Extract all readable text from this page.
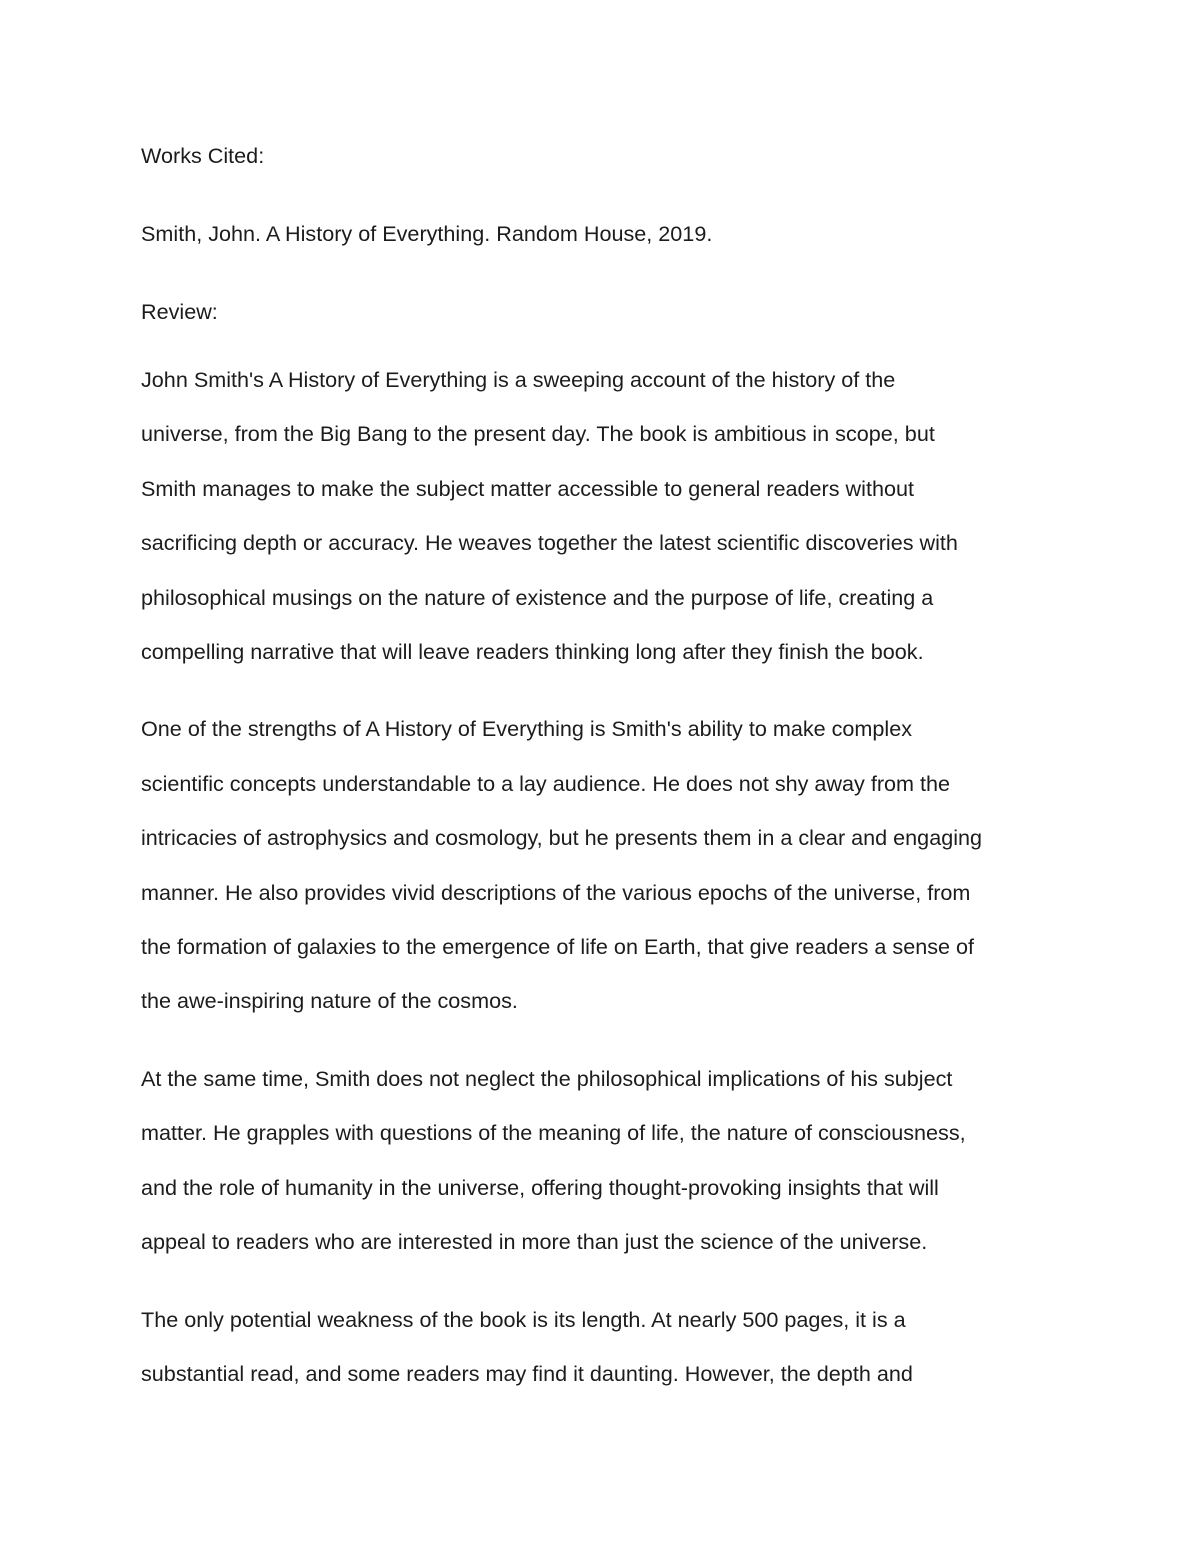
Works Cited:
Smith, John. A History of Everything. Random House, 2019.
Review:
John Smith's A History of Everything is a sweeping account of the history of the
universe, from the Big Bang to the present day. The book is ambitious in scope, but
Smith manages to make the subject matter accessible to general readers without
sacrificing depth or accuracy. He weaves together the latest scientific discoveries with
philosophical musings on the nature of existence and the purpose of life, creating a
compelling narrative that will leave readers thinking long after they finish the book.
One of the strengths of A History of Everything is Smith's ability to make complex
scientific concepts understandable to a lay audience. He does not shy away from the
intricacies of astrophysics and cosmology, but he presents them in a clear and engaging
manner. He also provides vivid descriptions of the various epochs of the universe, from
the formation of galaxies to the emergence of life on Earth, that give readers a sense of
the awe-inspiring nature of the cosmos.
At the same time, Smith does not neglect the philosophical implications of his subject
matter. He grapples with questions of the meaning of life, the nature of consciousness,
and the role of humanity in the universe, offering thought-provoking insights that will
appeal to readers who are interested in more than just the science of the universe.
The only potential weakness of the book is its length. At nearly 500 pages, it is a
substantial read, and some readers may find it daunting. However, the depth and
